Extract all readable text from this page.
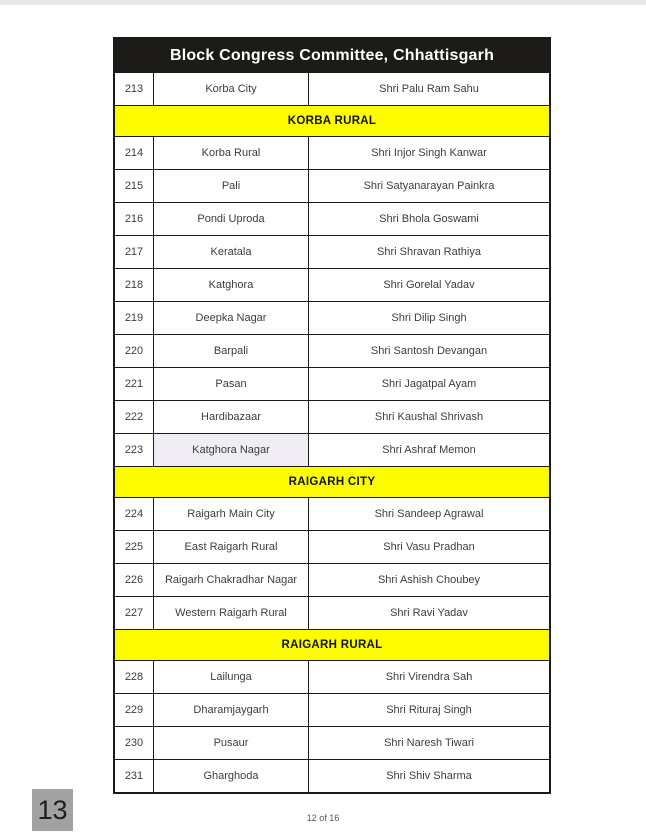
Block Congress Committee, Chhattisgarh
213	Korba City	Shri Palu Ram Sahu
KORBA RURAL
214	Korba Rural	Shri Injor Singh Kanwar
215	Pali	Shri Satyanarayan Painkra
216	Pondi Uproda	Shri Bhola Goswami
217	Keratala	Shri Shravan Rathiya
218	Katghora	Shri Gorelal Yadav
219	Deepka Nagar	Shri Dilip Singh
220	Barpali	Shri Santosh Devangan
221	Pasan	Shri Jagatpal Ayam
222	Hardibazaar	Shri Kaushal Shrivash
223	Katghora Nagar	Shri Ashraf Memon
RAIGARH CITY
224	Raigarh Main City	Shri Sandeep Agrawal
225	East Raigarh Rural	Shri Vasu Pradhan
226	Raigarh Chakradhar Nagar	Shri Ashish Choubey
227	Western Raigarh Rural	Shri Ravi Yadav
RAIGARH RURAL
228	Lailunga	Shri Virendra Sah
229	Dharamjaygarh	Shri Rituraj Singh
230	Pusaur	Shri Naresh Tiwari
231	Gharghoda	Shri Shiv Sharma
13	12 of 16
